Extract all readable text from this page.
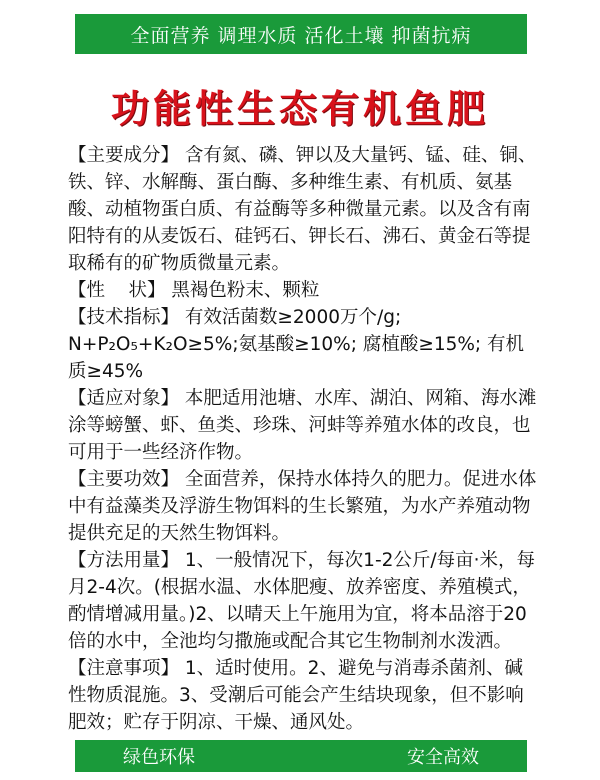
全面营养 调理水质 活化土壤 抑菌抗病
功能性生态有机鱼肥

【主要成分】 含有氮、磷、钾以及大量钙、锰、硅、铜、铁、锌、水解酶、蛋白酶、多种维生素、有机质、氨基酸、动植物蛋白质、有益酶等多种微量元素。以及含有南阳特有的从麦饭石、硅钙石、钾长石、沸石、黄金石等提取稀有的矿物质微量元素。

【性    状】 黑褐色粉末、颗粒

【技术指标】 有效活菌数≥2000万个/g; N+P₂O₅+K₂O≥5%;氨基酸≥10%; 腐植酸≥15%; 有机质≥45%

【适应对象】 本肥适用池塘、水库、湖泊、网箱、海水滩涂等螃蟹、虾、鱼类、珍珠、河蚌等养殖水体的改良，也可用于一些经济作物。

【主要功效】 全面营养，保持水体持久的肥力。促进水体中有益藻类及浮游生物饵料的生长繁殖，为水产养殖动物提供充足的天然生物饵料。

【方法用量】 1、一般情况下，每次1-2公斤/每亩·米，每月2-4次。(根据水温、水体肥瘦、放养密度、养殖模式，酌情增减用量。)2、以晴天上午施用为宜，将本品溶于20倍的水中，全池均匀撒施或配合其它生物制剂水泼洒。

【注意事项】 1、适时使用。2、避免与消毒杀菌剂、碱性物质混施。3、受潮后可能会产生结块现象，但不影响肥效；贮存于阴凉、干燥、通风处。

绿色环保	安全高效
